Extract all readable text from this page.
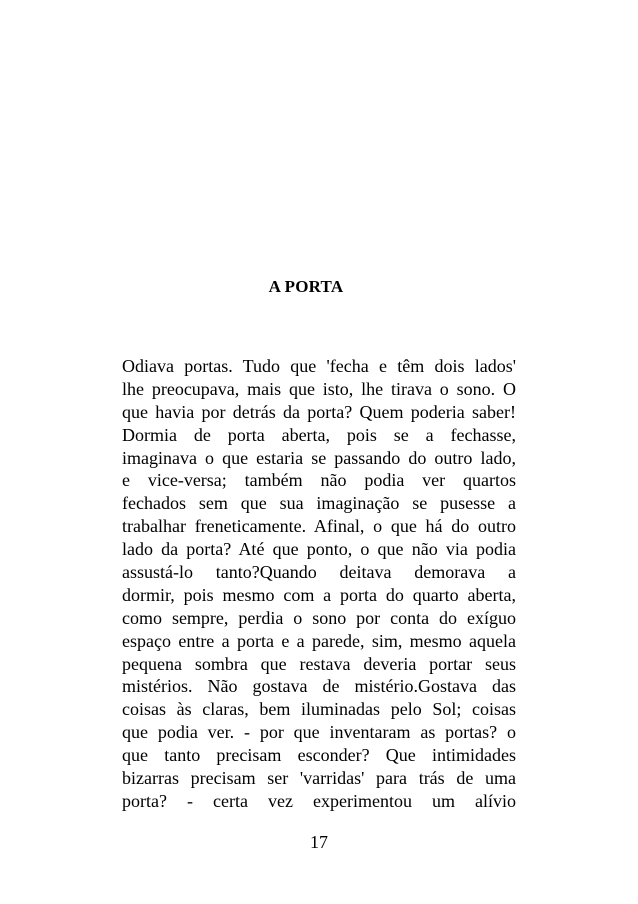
A PORTA
Odiava portas. Tudo que 'fecha e têm dois lados'
lhe preocupava, mais que isto, lhe tirava o sono. O
que havia por detrás da porta? Quem poderia saber!
Dormia de porta aberta, pois se a fechasse,
imaginava o que estaria se passando do outro lado,
e vice-versa; também não podia ver quartos
fechados sem que sua imaginação se pusesse a
trabalhar freneticamente. Afinal, o que há do outro
lado da porta? Até que ponto, o que não via podia
assustá-lo tanto?Quando deitava demorava a
dormir, pois mesmo com a porta do quarto aberta,
como sempre, perdia o sono por conta do exíguo
espaço entre a porta e a parede, sim, mesmo aquela
pequena sombra que restava deveria portar seus
mistérios. Não gostava de mistério.Gostava das
coisas às claras, bem iluminadas pelo Sol; coisas
que podia ver. - por que inventaram as portas? o
que tanto precisam esconder? Que intimidades
bizarras precisam ser 'varridas' para trás de uma
porta? - certa vez experimentou um alívio
17
